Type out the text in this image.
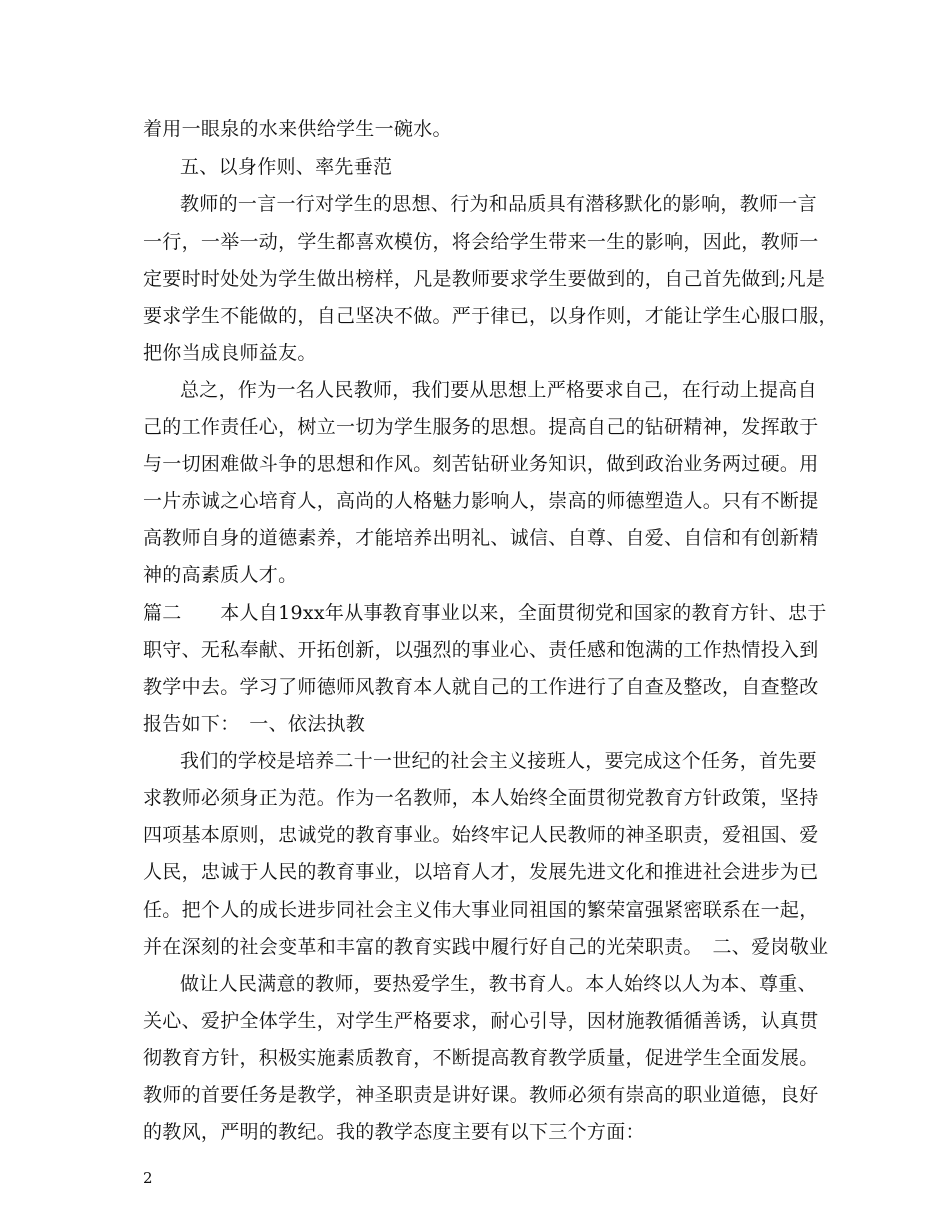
着用一眼泉的水来供给学生一碗水。
五、以身作则、率先垂范
教师的一言一行对学生的思想、行为和品质具有潜移默化的影响，教师一言
一行，一举一动，学生都喜欢模仿，将会给学生带来一生的影响，因此，教师一
定要时时处处为学生做出榜样，凡是教师要求学生要做到的，自己首先做到;凡是
要求学生不能做的，自己坚决不做。严于律已，以身作则，才能让学生心服口服，
把你当成良师益友。
总之，作为一名人民教师，我们要从思想上严格要求自己，在行动上提高自
己的工作责任心，树立一切为学生服务的思想。提高自己的钻研精神，发挥敢于
与一切困难做斗争的思想和作风。刻苦钻研业务知识，做到政治业务两过硬。用
一片赤诚之心培育人，高尚的人格魅力影响人，崇高的师德塑造人。只有不断提
高教师自身的道德素养，才能培养出明礼、诚信、自尊、自爱、自信和有创新精
神的高素质人才。
篇二　　本人自19xx年从事教育事业以来，全面贯彻党和国家的教育方针、忠于
职守、无私奉献、开拓创新，以强烈的事业心、责任感和饱满的工作热情投入到
教学中去。学习了师德师风教育本人就自己的工作进行了自查及整改，自查整改
报告如下：　一、依法执教
我们的学校是培养二十一世纪的社会主义接班人，要完成这个任务，首先要
求教师必须身正为范。作为一名教师，本人始终全面贯彻党教育方针政策，坚持
四项基本原则，忠诚党的教育事业。始终牢记人民教师的神圣职责，爱祖国、爱
人民，忠诚于人民的教育事业，以培育人才，发展先进文化和推进社会进步为已
任。把个人的成长进步同社会主义伟大事业同祖国的繁荣富强紧密联系在一起，
并在深刻的社会变革和丰富的教育实践中履行好自己的光荣职责。　二、爱岗敬业
做让人民满意的教师，要热爱学生，教书育人。本人始终以人为本、尊重、
关心、爱护全体学生，对学生严格要求，耐心引导，因材施教循循善诱，认真贯
彻教育方针，积极实施素质教育，不断提高教育教学质量，促进学生全面发展。
教师的首要任务是教学，神圣职责是讲好课。教师必须有崇高的职业道德，良好
的教风，严明的教纪。我的教学态度主要有以下三个方面：
2
